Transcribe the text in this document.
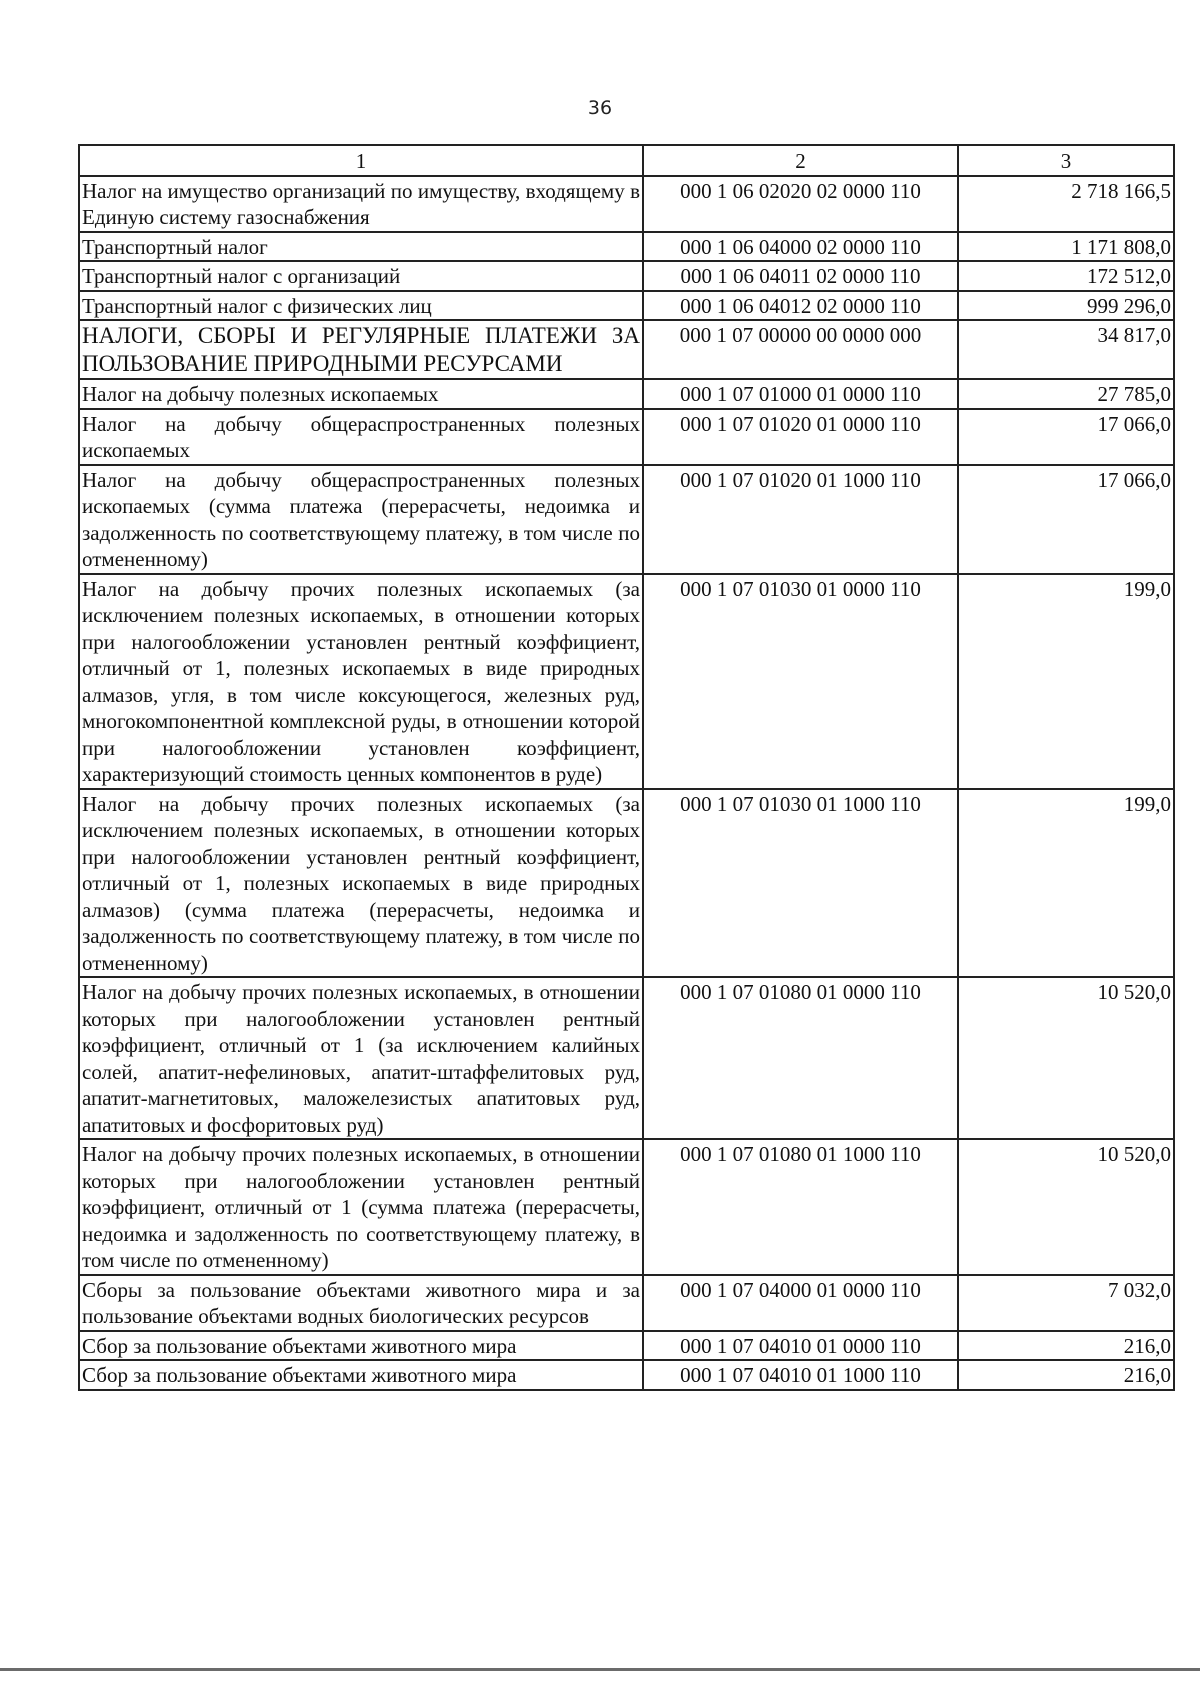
36
1	2	3
Налог на имущество организаций по имуществу, входящему в Единую систему газоснабжения	000 1 06 02020 02 0000 110	2 718 166,5
Транспортный налог	000 1 06 04000 02 0000 110	1 171 808,0
Транспортный налог с организаций	000 1 06 04011 02 0000 110	172 512,0
Транспортный налог с физических лиц	000 1 06 04012 02 0000 110	999 296,0
НАЛОГИ, СБОРЫ И РЕГУЛЯРНЫЕ ПЛАТЕЖИ ЗА ПОЛЬЗОВАНИЕ ПРИРОДНЫМИ РЕСУРСАМИ	000 1 07 00000 00 0000 000	34 817,0
Налог на добычу полезных ископаемых	000 1 07 01000 01 0000 110	27 785,0
Налог на добычу общераспространенных полезных ископаемых	000 1 07 01020 01 0000 110	17 066,0
Налог на добычу общераспространенных полезных ископаемых (сумма платежа (перерасчеты, недоимка и задолженность по соответствующему платежу, в том числе по отмененному)	000 1 07 01020 01 1000 110	17 066,0
Налог на добычу прочих полезных ископаемых (за исключением полезных ископаемых, в отношении которых при налогообложении установлен рентный коэффициент, отличный от 1, полезных ископаемых в виде природных алмазов, угля, в том числе коксующегося, железных руд, многокомпонентной комплексной руды, в отношении которой при налогообложении установлен коэффициент, характеризующий стоимость ценных компонентов в руде)	000 1 07 01030 01 0000 110	199,0
Налог на добычу прочих полезных ископаемых (за исключением полезных ископаемых, в отношении которых при налогообложении установлен рентный коэффициент, отличный от 1, полезных ископаемых в виде природных алмазов) (сумма платежа (перерасчеты, недоимка и задолженность по соответствующему платежу, в том числе по отмененному)	000 1 07 01030 01 1000 110	199,0
Налог на добычу прочих полезных ископаемых, в отношении которых при налогообложении установлен рентный коэффициент, отличный от 1 (за исключением калийных солей, апатит-нефелиновых, апатит-штаффелитовых руд, апатит-магнетитовых, маложелезистых апатитовых руд, апатитовых и фосфоритовых руд)	000 1 07 01080 01 0000 110	10 520,0
Налог на добычу прочих полезных ископаемых, в отношении которых при налогообложении установлен рентный коэффициент, отличный от 1 (сумма платежа (перерасчеты, недоимка и задолженность по соответствующему платежу, в том числе по отмененному)	000 1 07 01080 01 1000 110	10 520,0
Сборы за пользование объектами животного мира и за пользование объектами водных биологических ресурсов	000 1 07 04000 01 0000 110	7 032,0
Сбор за пользование объектами животного мира	000 1 07 04010 01 0000 110	216,0
Сбор за пользование объектами животного мира	000 1 07 04010 01 1000 110	216,0
